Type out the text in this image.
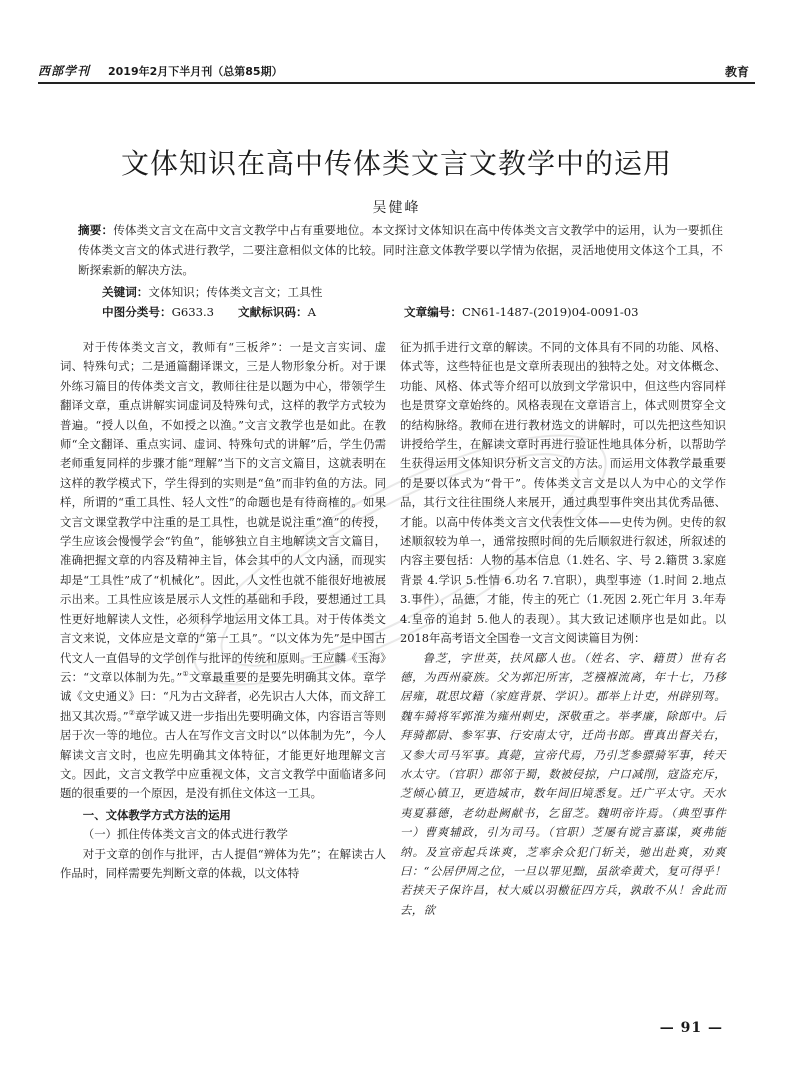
西部学刊 2019年2月下半月刊（总第85期）	教育
文体知识在高中传体类文言文教学中的运用
吴健峰
摘要：传体类文言文在高中文言文教学中占有重要地位。本文探讨文体知识在高中传体类文言文教学中的运用，认为一要抓住传体类文言文的体式进行教学，二要注意相似文体的比较。同时注意文体教学要以学情为依据，灵活地使用文体这个工具，不断探索新的解决方法。
关键词：文体知识；传体类文言文；工具性
中图分类号：G633.3 文献标识码：A	文章编号：CN61-1487-(2019)04-0091-03

对于传体类文言文，教师有“三板斧”：一是文言实词、虚词、特殊句式；二是通篇翻译课文，三是人物形象分析。对于课外练习篇目的传体类文言文，教师往往是以题为中心，带领学生翻译文章，重点讲解实词虚词及特殊句式，这样的教学方式较为普遍。“授人以鱼，不如授之以渔。”文言文教学也是如此。在教师“全文翻译、重点实词、虚词、特殊句式的讲解”后，学生仍需老师重复同样的步骤才能“理解”当下的文言文篇目，这就表明在这样的教学模式下，学生得到的实则是“鱼”而非钓鱼的方法。同样，所谓的“重工具性、轻人文性”的命题也是有待商榷的。如果文言文课堂教学中注重的是工具性，也就是说注重“渔”的传授，学生应该会慢慢学会“钓鱼”，能够独立自主地解读文言文篇目，准确把握文章的内容及精神主旨，体会其中的人文内涵，而现实却是“工具性”成了“机械化”。因此，人文性也就不能很好地被展示出来。工具性应该是展示人文性的基础和手段，要想通过工具性更好地解读人文性，必须科学地运用文体工具。对于传体类文言文来说，文体应是文章的“第一工具”。“以文体为先”是中国古代文人一直倡导的文学创作与批评的传统和原则。王应麟《玉海》云：“文章以体制为先。”①文章最重要的是要先明确其文体。章学诚《文史通义》曰：“凡为古文辞者，必先识古人大体，而文辞工拙又其次焉。”②章学诚又进一步指出先要明确文体，内容语言等则居于次一等的地位。古人在写作文言文时以“以体制为先”，今人解读文言文时，也应先明确其文体特征，才能更好地理解文言文。因此，文言文教学中应重视文体，文言文教学中面临诸多问题的很重要的一个原因，是没有抓住文体这一工具。

一、文体教学方式方法的运用
（一）抓住传体类文言文的体式进行教学

对于文章的创作与批评，古人提倡“辨体为先”；在解读古人作品时，同样需要先判断文章的体裁，以文体特

征为抓手进行文章的解读。不同的文体具有不同的功能、风格、体式等，这些特征也是文章所表现出的独特之处。对文体概念、功能、风格、体式等介绍可以放到文学常识中，但这些内容同样也是贯穿文章始终的。风格表现在文章语言上，体式则贯穿全文的结构脉络。教师在进行教材选文的讲解时，可以先把这些知识讲授给学生，在解读文章时再进行验证性地具体分析，以帮助学生获得运用文体知识分析文言文的方法。而运用文体教学最重要的是要以体式为“骨干”。传体类文言文是以人为中心的文学作品，其行文往往围绕人来展开，通过典型事件突出其优秀品德、才能。以高中传体类文言文代表性文体——史传为例。史传的叙述顺叙较为单一，通常按照时间的先后顺叙进行叙述，所叙述的内容主要包括：人物的基本信息（1.姓名、字、号 2.籍贯 3.家庭背景 4.学识 5.性情 6.功名 7.官职），典型事迹（1.时间 2.地点 3.事件），品德，才能，传主的死亡（1.死因 2.死亡年月 3.年寿 4.皇帝的追封 5.他人的表现）。其大致记述顺序也是如此。以2018年高考语文全国卷一文言文阅读篇目为例：

鲁芝，字世英，扶风郿人也。（姓名、字、籍贯）世有名德，为西州豪族。父为郭汜所害，芝襁褓流离，年十七，乃移居雍，耽思坟籍（家庭背景、学识）。郡举上计吏，州辟别驾。魏车骑将军郭淮为雍州刺史，深敬重之。举孝廉，除郎中。后拜骑都尉、参军事、行安南太守，迁尚书郎。曹真出督关右，又参大司马军事。真薨，宣帝代焉，乃引芝参骠骑军事，转天水太守。（官职）郡邻于蜀，数被侵掠，户口减削，寇盗充斥，芝倾心镇卫，更造城市，数年间旧境悉复。迁广平太守。天水夷夏慕德，老幼赴阙献书，乞留芝。魏明帝许焉。（典型事件一）曹爽辅政，引为司马。（官职）芝屡有谠言嘉谋，爽弗能纳。及宣帝起兵诛爽，芝率余众犯门斩关，驰出赴爽，劝爽曰：“公居伊周之位，一旦以罪见黜，虽欲牵黄犬，复可得乎！若挟天子保许昌，杖大威以羽檄征四方兵，孰敢不从！舍此而去，欲

— 91 —
